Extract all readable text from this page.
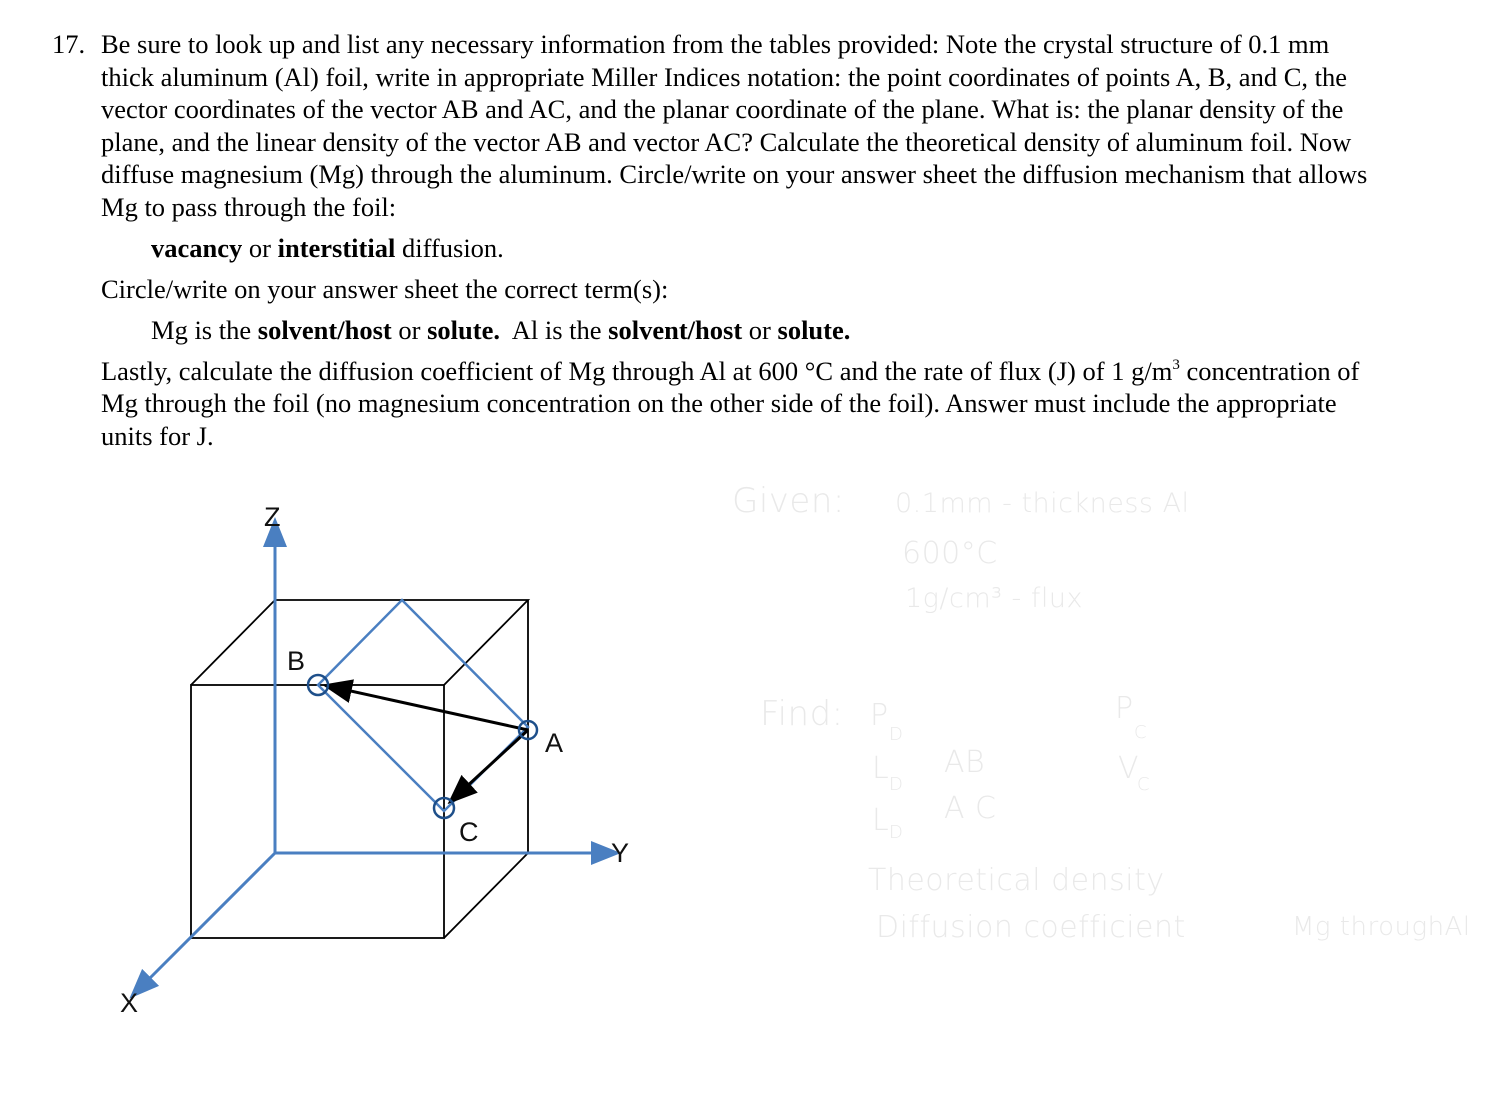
17. Be sure to look up and list any necessary information from the tables provided: Note the crystal structure of 0.1 mm thick aluminum (Al) foil, write in appropriate Miller Indices notation: the point coordinates of points A, B, and C, the vector coordinates of the vector AB and AC, and the planar coordinate of the plane. What is: the planar density of the plane, and the linear density of the vector AB and vector AC? Calculate the theoretical density of aluminum foil. Now diffuse magnesium (Mg) through the aluminum. Circle/write on your answer sheet the diffusion mechanism that allows Mg to pass through the foil:

vacancy or interstitial diffusion.

Circle/write on your answer sheet the correct term(s):

Mg is the solvent/host or solute.  Al is the solvent/host or solute.

Lastly, calculate the diffusion coefficient of Mg through Al at 600 °C and the rate of flux (J) of 1 $g/m^3$ concentration of Mg through the foil (no magnesium concentration on the other side of the foil). Answer must include the appropriate units for J.

Z
Y
X
A
B
C
Given: 0.1mm - thickness Al
600°C
1g/cm³ - flux
Find: P
D
P
C
L D
AB	V
C
L D
A C
Theoretical density
Diffusion coefficient	Mg throughAl
